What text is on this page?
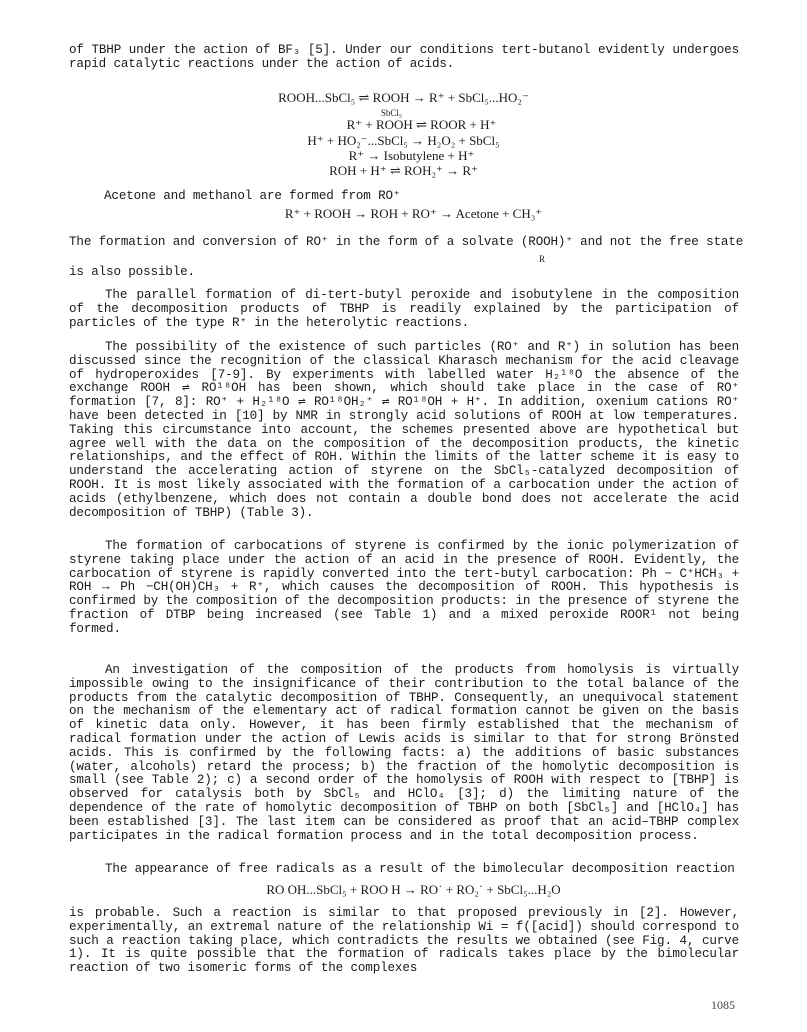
of TBHP under the action of BF₃ [5]. Under our conditions tert-butanol evidently undergoes rapid catalytic reactions under the action of acids.
ROOH...SbCl₅ ⇌ ROOH → R⁺ + SbCl₅...HO₂⁻
SbCl₅
R⁺ + ROOH ⇌ ROOR + H⁺
H⁺ + HO₂⁻...SbCl₅ → H₂O₂ + SbCl₅
R⁺ → Isobutylene + H⁺
ROH + H⁺ ⇌ ROH₂⁺ → R⁺
Acetone and methanol are formed from RO⁺
R⁺ + ROOH → ROH + RO⁺ → Acetone + CH₃⁺
The formation and conversion of RO⁺ in the form of a solvate (ROOH)⁺ and not the free state
R
is also possible.
The parallel formation of di-tert-butyl peroxide and isobutylene in the composition of the decomposition products of TBHP is readily explained by the participation of particles of the type R⁺ in the heterolytic reactions.
The possibility of the existence of such particles (RO⁺ and R⁺) in solution has been discussed since the recognition of the classical Kharasch mechanism for the acid cleavage of hydroperoxides [7-9]. By experiments with labelled water H₂¹⁸O the absence of the exchange ROOH ⇌ RO¹⁸OH has been shown, which should take place in the case of RO⁺ formation [7, 8]: RO⁺ + H₂¹⁸O ⇌ RO¹⁸OH₂⁺ ⇌ RO¹⁸OH + H⁺. In addition, oxenium cations RO⁺ have been detected in [10] by NMR in strongly acid solutions of ROOH at low temperatures. Taking this circumstance into account, the schemes presented above are hypothetical but agree well with the data on the composition of the decomposition products, the kinetic relationships, and the effect of ROH. Within the limits of the latter scheme it is easy to understand the accelerating action of styrene on the SbCl₅-catalyzed decomposition of ROOH. It is most likely associated with the formation of a carbocation under the action of acids (ethylbenzene, which does not contain a double bond does not accelerate the acid decomposition of TBHP) (Table 3).
The formation of carbocations of styrene is confirmed by the ionic polymerization of styrene taking place under the action of an acid in the presence of ROOH. Evidently, the carbocation of styrene is rapidly converted into the tert-butyl carbocation: Ph − C⁺HCH₃ + ROH → Ph −CH(OH)CH₃ + R⁺, which causes the decomposition of ROOH. This hypothesis is confirmed by the composition of the decomposition products: in the presence of styrene the fraction of DTBP being increased (see Table 1) and a mixed peroxide ROOR¹ not being formed.
An investigation of the composition of the products from homolysis is virtually impossible owing to the insignificance of their contribution to the total balance of the products from the catalytic decomposition of TBHP. Consequently, an unequivocal statement on the mechanism of the elementary act of radical formation cannot be given on the basis of kinetic data only. However, it has been firmly established that the mechanism of radical formation under the action of Lewis acids is similar to that for strong Brönsted acids. This is confirmed by the following facts: a) the additions of basic substances (water, alcohols) retard the process; b) the fraction of the homolytic decomposition is small (see Table 2); c) a second order of the homolysis of ROOH with respect to [TBHP] is observed for catalysis both by SbCl₅ and HClO₄ [3]; d) the limiting nature of the dependence of the rate of homolytic decomposition of TBHP on both [SbCl₅] and [HClO₄] has been established [3]. The last item can be considered as proof that an acid–TBHP complex participates in the radical formation process and in the total decomposition process.
The appearance of free radicals as a result of the bimolecular decomposition reaction
RO OH...SbCl₅ + ROO H → RO˙ + RO₂˙ + SbCl₅...H₂O
is probable. Such a reaction is similar to that proposed previously in [2]. However, experimentally, an extremal nature of the relationship Wi = f([acid]) should correspond to such a reaction taking place, which contradicts the results we obtained (see Fig. 4, curve 1). It is quite possible that the formation of radicals takes place by the bimolecular reaction of two isomeric forms of the complexes
1085
